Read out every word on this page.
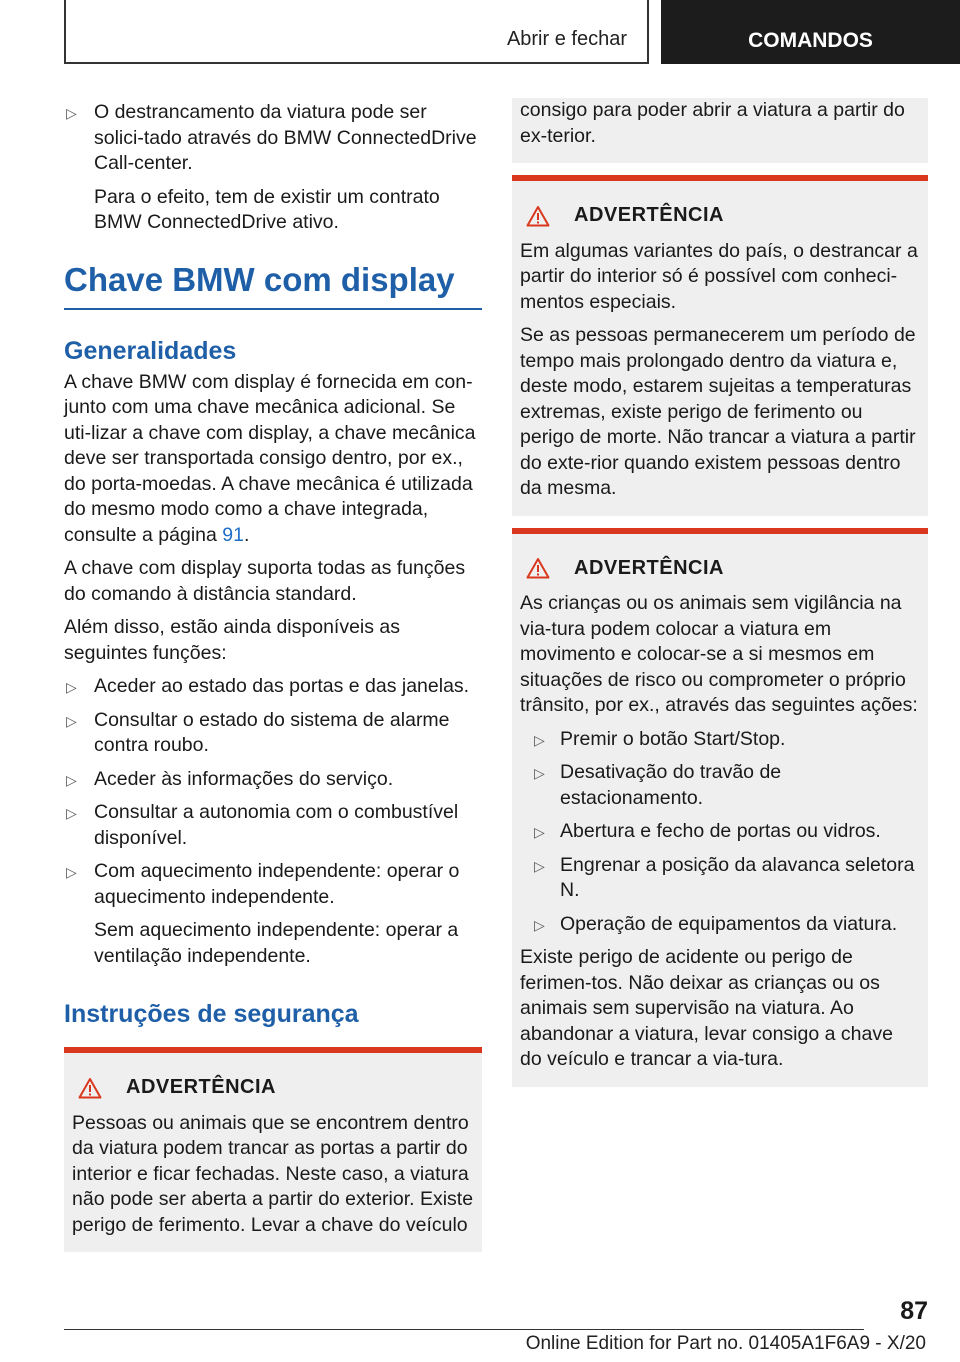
Abrir e fechar	COMANDOS
▷ O destrancamento da viatura pode ser solici-tado através do BMW ConnectedDrive Call-center.
Para o efeito, tem de existir um contrato BMW ConnectedDrive ativo.
Chave BMW com display
Generalidades

A chave BMW com display é fornecida em con-junto com uma chave mecânica adicional. Se uti-lizar a chave com display, a chave mecânica deve ser transportada consigo dentro, por ex., do porta-moedas. A chave mecânica é utilizada do mesmo modo como a chave integrada, consulte a página 91.

A chave com display suporta todas as funções do comando à distância standard.

Além disso, estão ainda disponíveis as seguintes funções:

▷ Aceder ao estado das portas e das janelas.
▷ Consultar o estado do sistema de alarme contra roubo.
▷ Aceder às informações do serviço.
▷ Consultar a autonomia com o combustível disponível.
▷ Com aquecimento independente: operar o aquecimento independente.
Sem aquecimento independente: operar a ventilação independente.
Instruções de segurança
ADVERTÊNCIA
Pessoas ou animais que se encontrem dentro da viatura podem trancar as portas a partir do interior e ficar fechadas. Neste caso, a viatura não pode ser aberta a partir do exterior. Existe perigo de ferimento. Levar a chave do veículo
consigo para poder abrir a viatura a partir do ex-terior.
ADVERTÊNCIA

Em algumas variantes do país, o destrancar a partir do interior só é possível com conheci-mentos especiais.

Se as pessoas permanecerem um período de tempo mais prolongado dentro da viatura e, deste modo, estarem sujeitas a temperaturas extremas, existe perigo de ferimento ou perigo de morte. Não trancar a viatura a partir do exte-rior quando existem pessoas dentro da mesma.

ADVERTÊNCIA

As crianças ou os animais sem vigilância na via-tura podem colocar a viatura em movimento e colocar-se a si mesmos em situações de risco ou comprometer o próprio trânsito, por ex., através das seguintes ações:

▷ Premir o botão Start/Stop.
▷ Desativação do travão de estacionamento.
▷ Abertura e fecho de portas ou vidros.
▷ Engrenar a posição da alavanca seletora N.
▷ Operação de equipamentos da viatura.

Existe perigo de acidente ou perigo de ferimen-tos. Não deixar as crianças ou os animais sem supervisão na viatura. Ao abandonar a viatura, levar consigo a chave do veículo e trancar a via-tura.

87
Online Edition for Part no. 01405A1F6A9 - X/20
